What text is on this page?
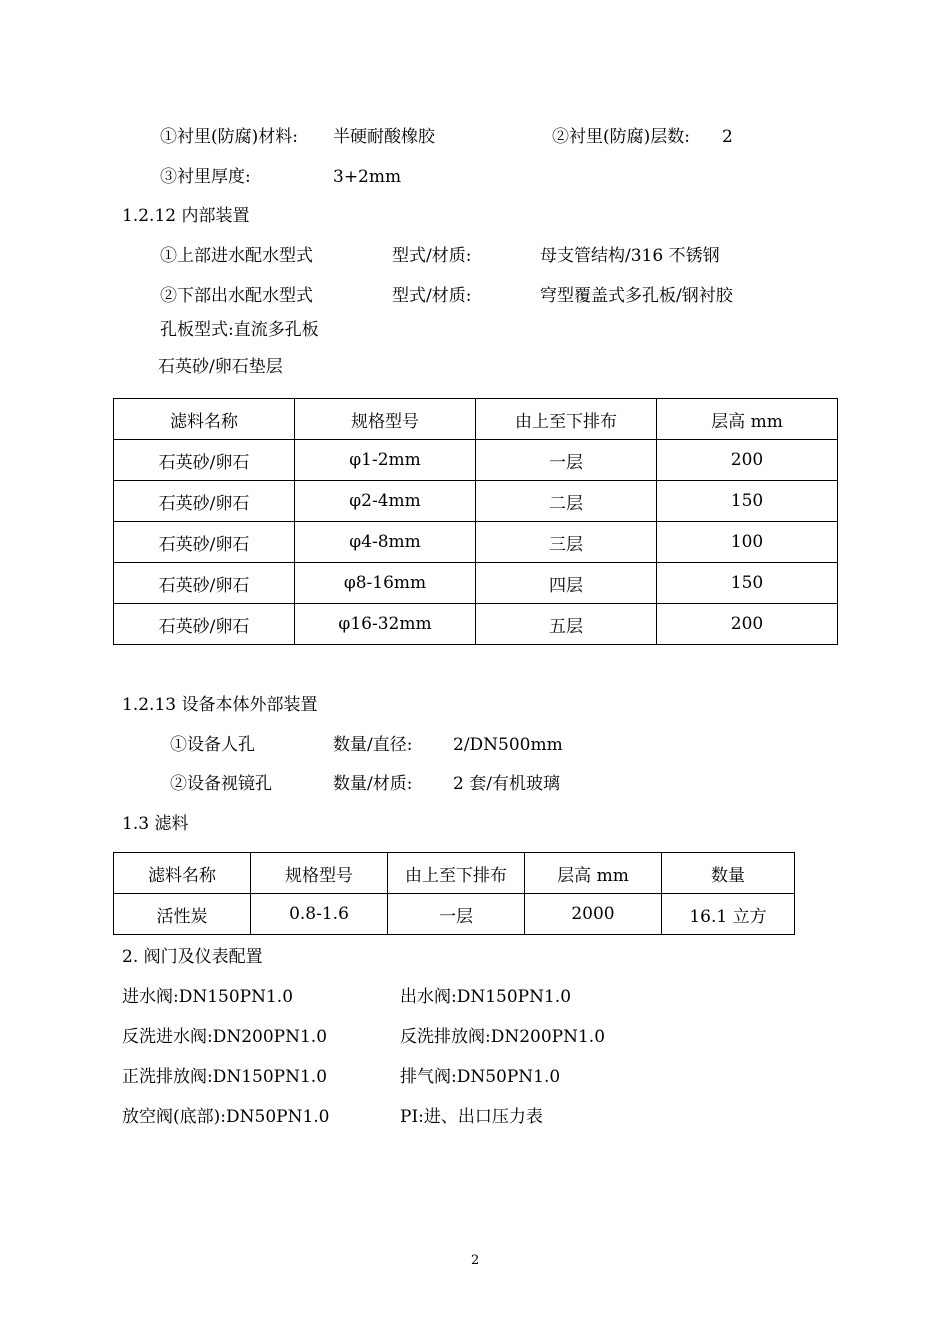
①衬里(防腐)材料: 半硬耐酸橡胶	②衬里(防腐)层数: 2
③衬里厚度:	3+2mm
1.2.12 内部装置
①上部进水配水型式	型式/材质:	母支管结构/316 不锈钢
②下部出水配水型式	型式/材质:	穹型覆盖式多孔板/钢衬胶
孔板型式:直流多孔板
石英砂/卵石垫层
滤料名称	规格型号	由上至下排布	层高 mm
石英砂/卵石	φ1-2mm	一层	200
石英砂/卵石	φ2-4mm	二层	150
石英砂/卵石	φ4-8mm	三层	100
石英砂/卵石	φ8-16mm	四层	150
石英砂/卵石	φ16-32mm	五层	200
1.2.13 设备本体外部装置
①设备人孔	数量/直径: 2/DN500mm
②设备视镜孔	数量/材质: 2 套/有机玻璃
1.3 滤料
滤料名称	规格型号	由上至下排布	层高 mm	数量
活性炭	0.8-1.6	一层	2000	16.1 立方
2. 阀门及仪表配置
进水阀:DN150PN1.0	出水阀:DN150PN1.0
反洗进水阀:DN200PN1.0	反洗排放阀:DN200PN1.0
正洗排放阀:DN150PN1.0	排气阀:DN50PN1.0
放空阀(底部):DN50PN1.0	PI:进、出口压力表
2
